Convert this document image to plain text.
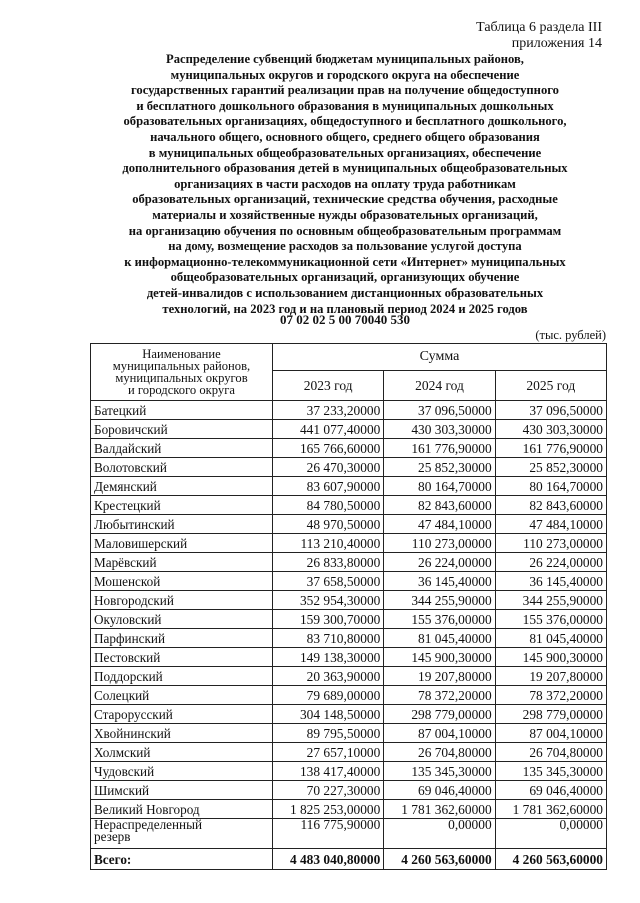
Таблица 6 раздела III
приложения 14
Распределение субвенций бюджетам муниципальных районов,
муниципальных округов и городского округа на обеспечение
государственных гарантий реализации прав на получение общедоступного
и бесплатного дошкольного образования в муниципальных дошкольных
образовательных организациях, общедоступного и бесплатного дошкольного,
начального общего, основного общего, среднего общего образования
в муниципальных общеобразовательных организациях, обеспечение
дополнительного образования детей в муниципальных общеобразовательных
организациях в части расходов на оплату труда работникам
образовательных организаций, технические средства обучения, расходные
материалы и хозяйственные нужды образовательных организаций,
на организацию обучения по основным общеобразовательным программам
на дому, возмещение расходов за пользование услугой доступа
к информационно-телекоммуникационной сети «Интернет» муниципальных
общеобразовательных организаций, организующих обучение
детей-инвалидов с использованием дистанционных образовательных
технологий, на 2023 год и на плановый период 2024 и 2025 годов
07 02 02 5 00 70040 530
(тыс. рублей)
Наименование
муниципальных районов,
муниципальных округов
и городского округа	Сумма		
	2023 год	2024 год	2025 год
Батецкий	37 233,20000	37 096,50000	37 096,50000
Боровичский	441 077,40000	430 303,30000	430 303,30000
Валдайский	165 766,60000	161 776,90000	161 776,90000
Волотовский	26 470,30000	25 852,30000	25 852,30000
Демянский	83 607,90000	80 164,70000	80 164,70000
Крестецкий	84 780,50000	82 843,60000	82 843,60000
Любытинский	48 970,50000	47 484,10000	47 484,10000
Маловишерский	113 210,40000	110 273,00000	110 273,00000
Марёвский	26 833,80000	26 224,00000	26 224,00000
Мошенской	37 658,50000	36 145,40000	36 145,40000
Новгородский	352 954,30000	344 255,90000	344 255,90000
Окуловский	159 300,70000	155 376,00000	155 376,00000
Парфинский	83 710,80000	81 045,40000	81 045,40000
Пестовский	149 138,30000	145 900,30000	145 900,30000
Поддорский	20 363,90000	19 207,80000	19 207,80000
Солецкий	79 689,00000	78 372,20000	78 372,20000
Старорусский	304 148,50000	298 779,00000	298 779,00000
Хвойнинский	89 795,50000	87 004,10000	87 004,10000
Холмский	27 657,10000	26 704,80000	26 704,80000
Чудовский	138 417,40000	135 345,30000	135 345,30000
Шимский	70 227,30000	69 046,40000	69 046,40000
Великий Новгород	1 825 253,00000	1 781 362,60000	1 781 362,60000
Нераспределенный
резерв	116 775,90000	0,00000	0,00000
Всего:	4 483 040,80000	4 260 563,60000	4 260 563,60000
